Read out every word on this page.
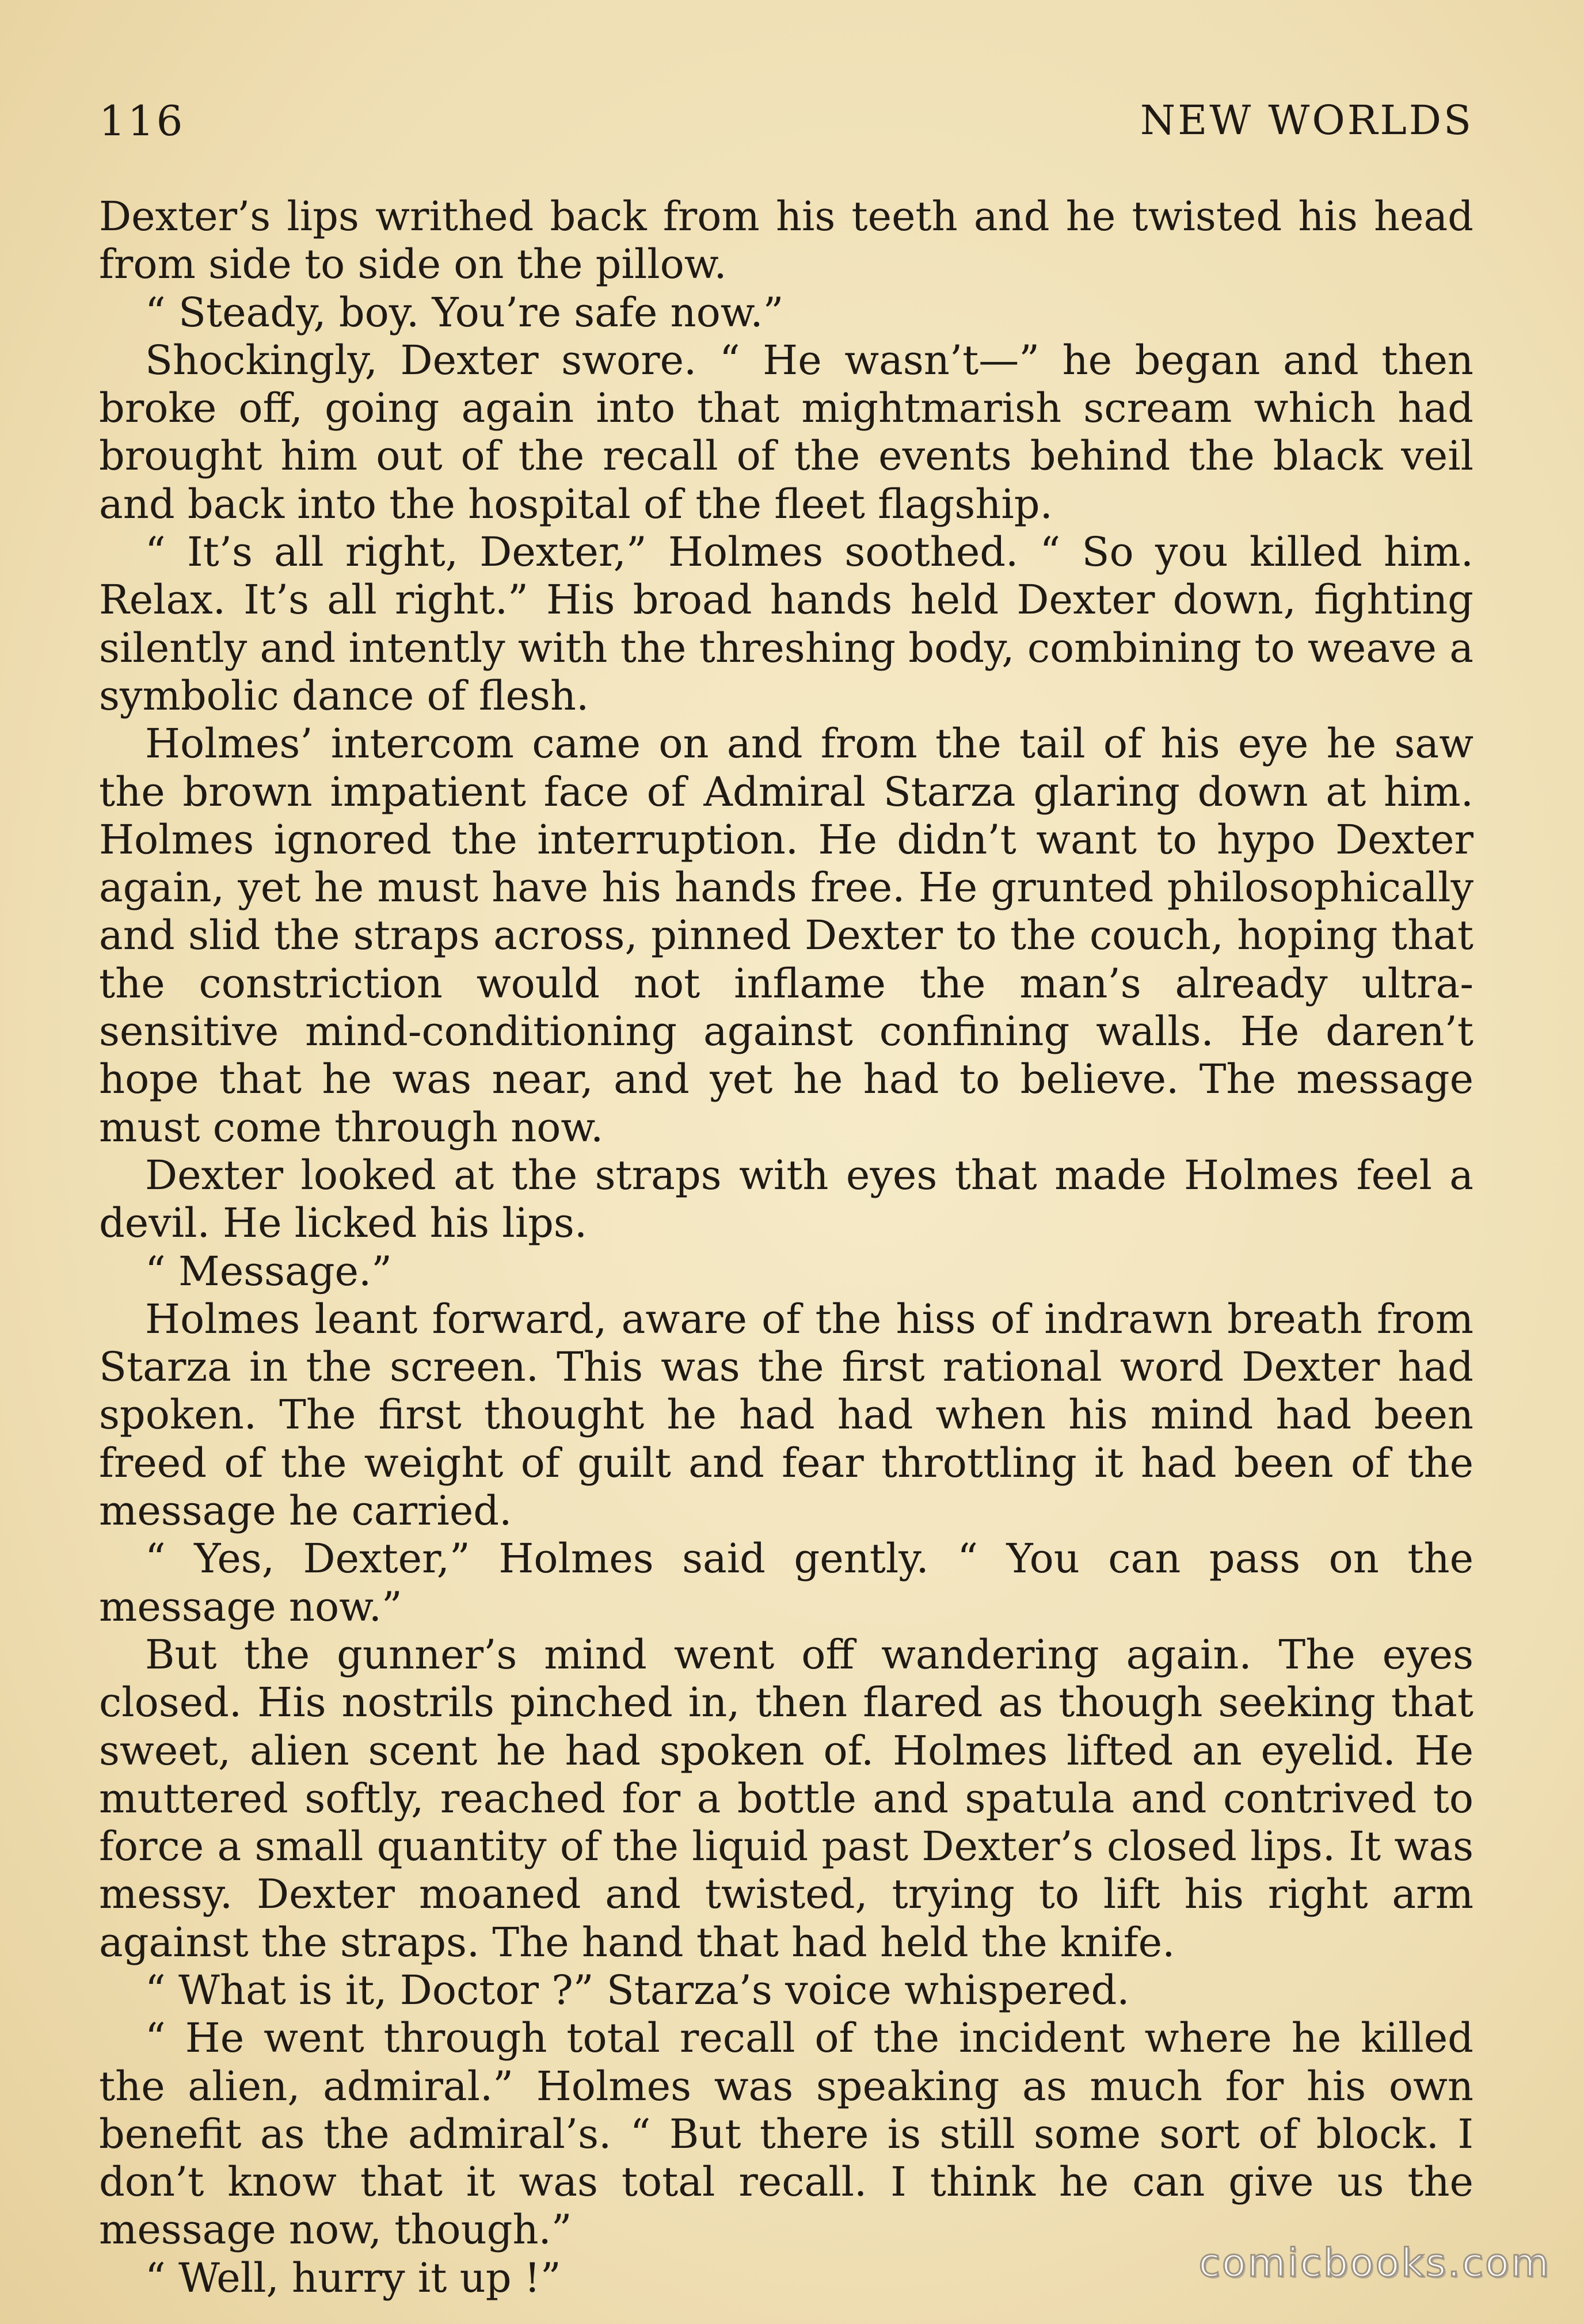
116	NEW WORLDS

Dexter’s lips writhed back from his teeth and he twisted his head from side to side on the pillow.

“ Steady, boy. You’re safe now.”

Shockingly, Dexter swore. “ He wasn’t—” he began and then broke off, going again into that mightmarish scream which had brought him out of the recall of the events behind the black veil and back into the hospital of the fleet flagship.

“ It’s all right, Dexter,” Holmes soothed. “ So you killed him. Relax. It’s all right.” His broad hands held Dexter down, fighting silently and intently with the threshing body, combining to weave a symbolic dance of flesh.

Holmes’ intercom came on and from the tail of his eye he saw the brown impatient face of Admiral Starza glaring down at him. Holmes ignored the interruption. He didn’t want to hypo Dexter again, yet he must have his hands free. He grunted philosophically and slid the straps across, pinned Dexter to the couch, hoping that the constriction would not inflame the man’s already ultra-sensitive mind-conditioning against confining walls. He daren’t hope that he was near, and yet he had to believe. The message must come through now.

Dexter looked at the straps with eyes that made Holmes feel a devil. He licked his lips.

“ Message.”

Holmes leant forward, aware of the hiss of indrawn breath from Starza in the screen. This was the first rational word Dexter had spoken. The first thought he had had when his mind had been freed of the weight of guilt and fear throttling it had been of the message he carried.

“ Yes, Dexter,” Holmes said gently. “ You can pass on the message now.”

But the gunner’s mind went off wandering again. The eyes closed. His nostrils pinched in, then flared as though seeking that sweet, alien scent he had spoken of. Holmes lifted an eyelid. He muttered softly, reached for a bottle and spatula and contrived to force a small quantity of the liquid past Dexter’s closed lips. It was messy. Dexter moaned and twisted, trying to lift his right arm against the straps. The hand that had held the knife.

“ What is it, Doctor ?” Starza’s voice whispered.

“ He went through total recall of the incident where he killed the alien, admiral.” Holmes was speaking as much for his own benefit as the admiral’s. “ But there is still some sort of block. I don’t know that it was total recall. I think he can give us the message now, though.”

“ Well, hurry it up !”	comicbooks.com
